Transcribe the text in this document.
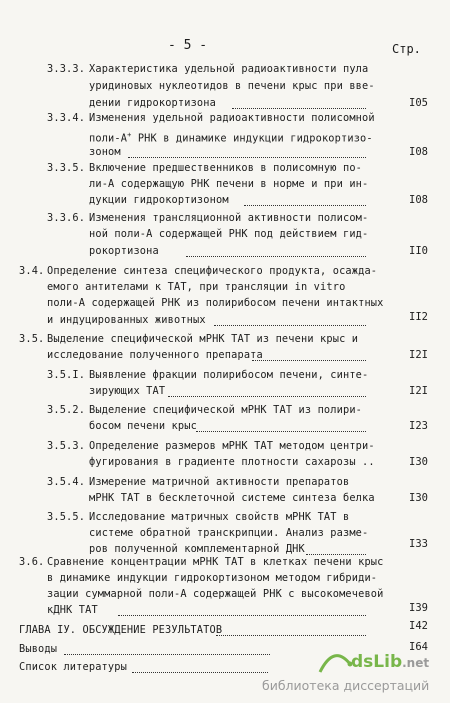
- 5 -	Стр.
3.3.3. Характеристика удельной радиоактивности пула
уридиновых нуклеотидов в печени крыс при вве-
дении гидрокортизона	I05
3.3.4. Изменения удельной радиоактивности полисомной
поли-А+ РНК в динамике индукции гидрокортизо-
зоном	I08
3.3.5. Включение предшественников в полисомную по-
ли-А содержащую РНК печени в норме и при ин-
дукции гидрокортизоном	I08
3.3.6. Изменения трансляционной активности полисом-
ной поли-А содержащей РНК под действием гид-
рокортизона	II0
3.4. Определение синтеза специфического продукта, осажда-
емого антителами к ТАТ, при трансляции in vitro
поли-А содержащей РНК из полирибосом печени интактных
и индуцированных животных	II2
3.5. Выделение специфической мРНК ТАТ из печени крыс и
исследование полученного препарата	I2I
3.5.I. Выявление фракции полирибосом печени, синте-
зирующих ТАТ	I2I
3.5.2. Выделение специфической мРНК ТАТ из полири-
босом печени крыс	I23
3.5.3. Определение размеров мРНК ТАТ методом центри-
фугирования в градиенте плотности сахарозы ..	I30
3.5.4. Измерение матричной активности препаратов
мРНК ТАТ в бесклеточной системе синтеза белка	I30
3.5.5. Исследование матричных свойств мРНК ТАТ в
системе обратной транскрипции. Анализ разме-
ров полученной комплементарной ДНК	I33
3.6. Сравнение концентрации мРНК ТАТ в клетках печени крыс
в динамике индукции гидрокортизоном методом гибриди-
зации суммарной поли-А содержащей РНК с высокомечевой
кДНК ТАТ	I39
ГЛАВА IУ. ОБСУЖДЕНИЕ РЕЗУЛЬТАТОВ	I42
Выводы	I64
Список литературы	dsLib.net
библиотека диссертаций
